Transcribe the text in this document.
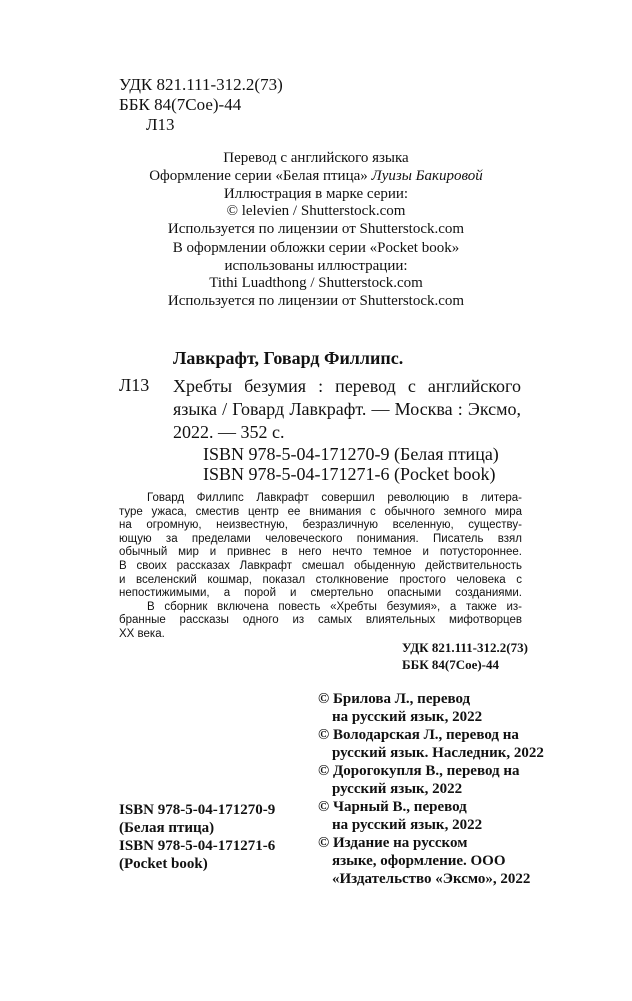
УДК 821.111-312.2(73)
ББК 84(7Сое)-44
Л13
Перевод с английского языка
Оформление серии «Белая птица» Луизы Бакировой
Иллюстрация в марке серии:
© lelevien / Shutterstock.com
Используется по лицензии от Shutterstock.com
В оформлении обложки серии «Pocket book»
использованы иллюстрации:
Tithi Luadthong / Shutterstock.com
Используется по лицензии от Shutterstock.com
Лавкрафт, Говард Филлипс.
Л13 Хребты безумия : перевод с английского
языка / Говард Лавкрафт. — Москва : Эксмо,
2022. — 352 с.
ISBN 978-5-04-171270-9 (Белая птица)
ISBN 978-5-04-171271-6 (Pocket book)
Говард Филлипс Лавкрафт совершил революцию в литера-
туре ужаса, сместив центр ее внимания с обычного земного мира
на огромную, неизвестную, безразличную вселенную, существу-
ющую за пределами человеческого понимания. Писатель взял
обычный мир и привнес в него нечто темное и потустороннее.
В своих рассказах Лавкрафт смешал обыденную действительность
и вселенский кошмар, показал столкновение простого человека с
непостижимыми, а порой и смертельно опасными созданиями.
В сборник включена повесть «Хребты безумия», а также из-
бранные рассказы одного из самых влиятельных мифотворцев
XX века.
УДК 821.111-312.2(73)
ББК 84(7Сое)-44
© Брилова Л., перевод
на русский язык, 2022
© Володарская Л., перевод на
русский язык. Наследник, 2022
© Дорогокупля В., перевод на
русский язык, 2022
© Чарный В., перевод
на русский язык, 2022
© Издание на русском
языке, оформление. ООО
«Издательство «Эксмо», 2022
ISBN 978-5-04-171270-9
(Белая птица)
ISBN 978-5-04-171271-6
(Pocket book)
